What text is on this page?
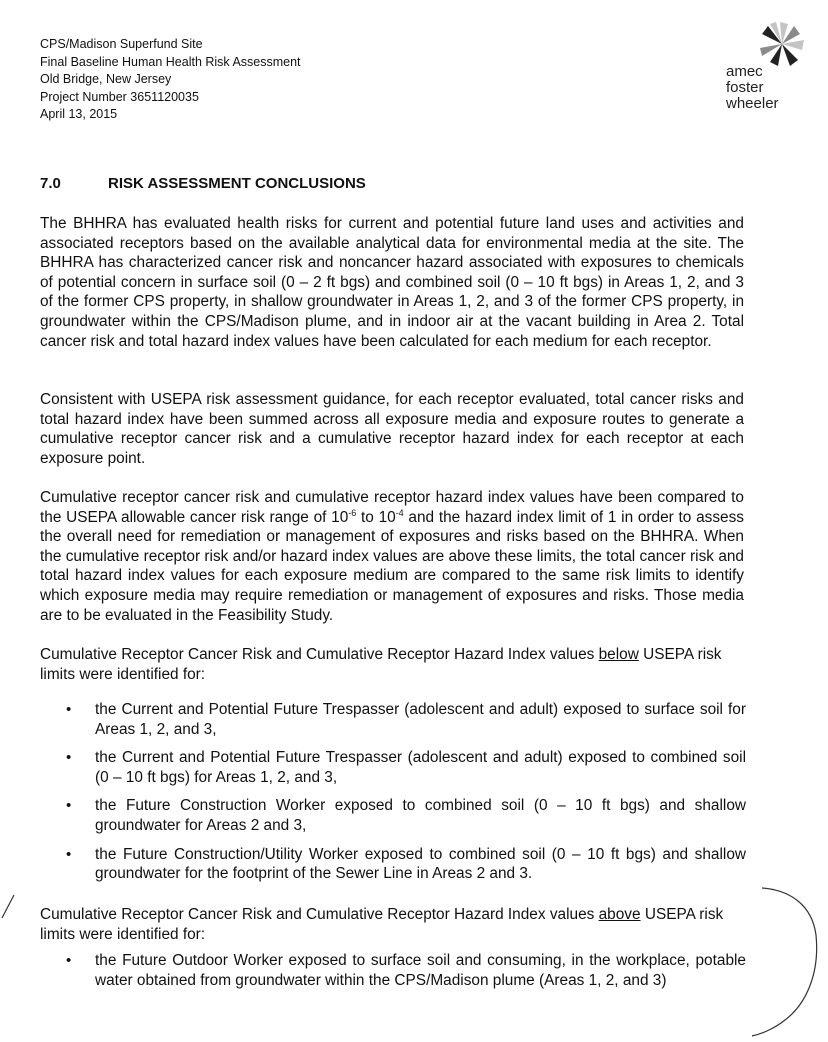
CPS/Madison Superfund Site
Final Baseline Human Health Risk Assessment
Old Bridge, New Jersey
Project Number 3651120035
April 13, 2015
amec
foster
wheeler
7.0	RISK ASSESSMENT CONCLUSIONS

The BHHRA has evaluated health risks for current and potential future land uses and activities and associated receptors based on the available analytical data for environmental media at the site. The BHHRA has characterized cancer risk and noncancer hazard associated with exposures to chemicals of potential concern in surface soil (0 – 2 ft bgs) and combined soil (0 – 10 ft bgs) in Areas 1, 2, and 3 of the former CPS property, in shallow groundwater in Areas 1, 2, and 3 of the former CPS property, in groundwater within the CPS/Madison plume, and in indoor air at the vacant building in Area 2. Total cancer risk and total hazard index values have been calculated for each medium for each receptor.

Consistent with USEPA risk assessment guidance, for each receptor evaluated, total cancer risks and total hazard index have been summed across all exposure media and exposure routes to generate a cumulative receptor cancer risk and a cumulative receptor hazard index for each receptor at each exposure point.

Cumulative receptor cancer risk and cumulative receptor hazard index values have been compared to the USEPA allowable cancer risk range of $10^{-6}$ to $10^{-4}$ and the hazard index limit of 1 in order to assess the overall need for remediation or management of exposures and risks based on the BHHRA. When the cumulative receptor risk and/or hazard index values are above these limits, the total cancer risk and total hazard index values for each exposure medium are compared to the same risk limits to identify which exposure media may require remediation or management of exposures and risks. Those media are to be evaluated in the Feasibility Study.

Cumulative Receptor Cancer Risk and Cumulative Receptor Hazard Index values below USEPA risk limits were identified for:

• the Current and Potential Future Trespasser (adolescent and adult) exposed to surface soil for Areas 1, 2, and 3,
• the Current and Potential Future Trespasser (adolescent and adult) exposed to combined soil (0 – 10 ft bgs) for Areas 1, 2, and 3,
• the Future Construction Worker exposed to combined soil (0 – 10 ft bgs) and shallow groundwater for Areas 2 and 3,
• the Future Construction/Utility Worker exposed to combined soil (0 – 10 ft bgs) and shallow groundwater for the footprint of the Sewer Line in Areas 2 and 3.

Cumulative Receptor Cancer Risk and Cumulative Receptor Hazard Index values above USEPA risk limits were identified for:

• the Future Outdoor Worker exposed to surface soil and consuming, in the workplace, potable water obtained from groundwater within the CPS/Madison plume (Areas 1, 2, and 3)
